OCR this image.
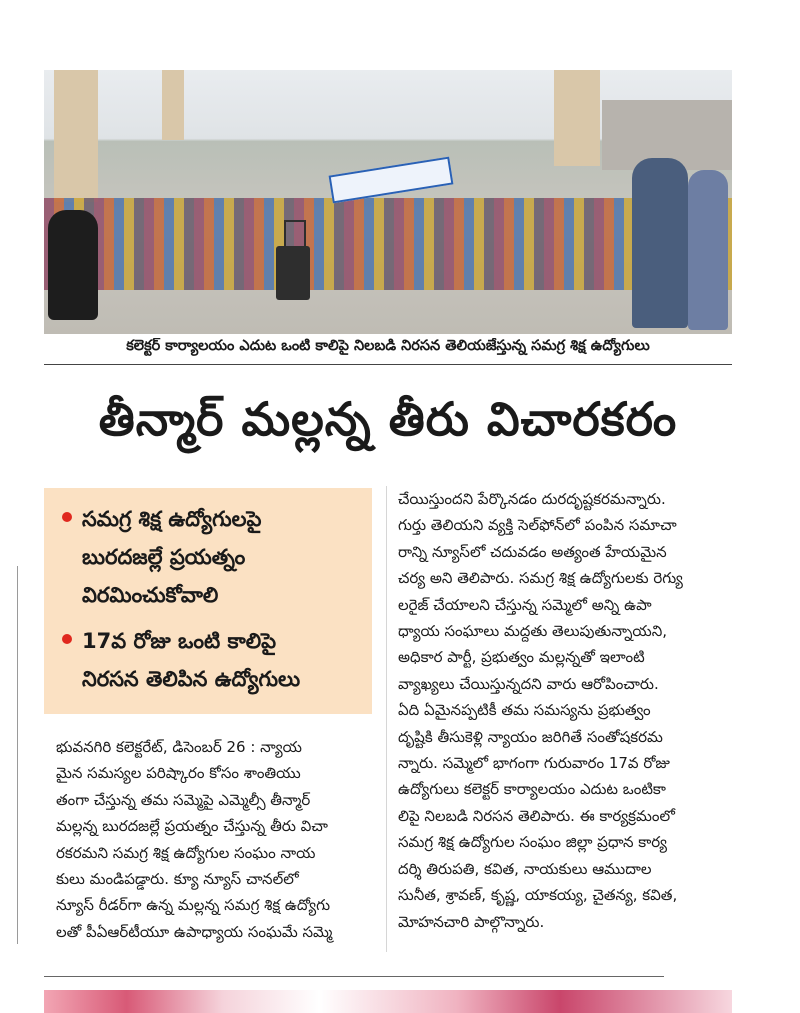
కలెక్టర్ కార్యాలయం ఎదుట ఒంటి కాలిపై నిలబడి నిరసన తెలియజేస్తున్న సమగ్ర శిక్ష ఉద్యోగులు
తీన్మార్ మల్లన్న తీరు విచారకరం
సమగ్ర శిక్ష ఉద్యోగులపై
బురదజల్లే ప్రయత్నం
విరమించుకోవాలి
17వ రోజు ఒంటి కాలిపై
నిరసన తెలిపిన ఉద్యోగులు
భువనగిరి కలెక్టరేట్, డిసెంబర్ 26 : న్యాయ
మైన సమస్యల పరిష్కారం కోసం శాంతియు
తంగా చేస్తున్న తమ సమ్మెపై ఎమ్మెల్సీ తీన్మార్
మల్లన్న బురదజల్లే ప్రయత్నం చేస్తున్న తీరు విచా
రకరమని సమగ్ర శిక్ష ఉద్యోగుల సంఘం నాయ
కులు మండిపడ్డారు. క్యూ న్యూస్ చానల్‌లో
న్యూస్ రీడర్‌గా ఉన్న మల్లన్న సమగ్ర శిక్ష ఉద్యోగు
లతో పీఏఆర్‌టీయూ ఉపాధ్యాయ సంఘమే సమ్మె
చేయిస్తుందని పేర్కొనడం దురదృష్టకరమన్నారు.
గుర్తు తెలియని వ్యక్తి సెల్‌ఫోన్‌లో పంపిన సమాచా
రాన్ని న్యూస్‌లో చదువడం అత్యంత హేయమైన
చర్య అని తెలిపారు. సమగ్ర శిక్ష ఉద్యోగులకు రెగ్యు
లరైజ్ చేయాలని చేస్తున్న సమ్మెలో అన్ని ఉపా
ధ్యాయ సంఘాలు మద్దతు తెలుపుతున్నాయని,
అధికార పార్టీ, ప్రభుత్వం మల్లన్నతో ఇలాంటి
వ్యాఖ్యలు చేయిస్తున్నదని వారు ఆరోపించారు.
ఏది ఏమైనప్పటికీ తమ సమస్యను ప్రభుత్వం
దృష్టికి తీసుకెళ్లి న్యాయం జరిగితే సంతోషకరమ
న్నారు. సమ్మెలో భాగంగా గురువారం 17వ రోజు
ఉద్యోగులు కలెక్టర్ కార్యాలయం ఎదుట ఒంటికా
లిపై నిలబడి నిరసన తెలిపారు. ఈ కార్యక్రమంలో
సమగ్ర శిక్ష ఉద్యోగుల సంఘం జిల్లా ప్రధాన కార్య
దర్శి తిరుపతి, కవిత, నాయకులు ఆముదాల
సునీత, శ్రావణ్, కృష్ణ, యాకయ్య, చైతన్య, కవిత,
మోహనచారి పాల్గొన్నారు.
